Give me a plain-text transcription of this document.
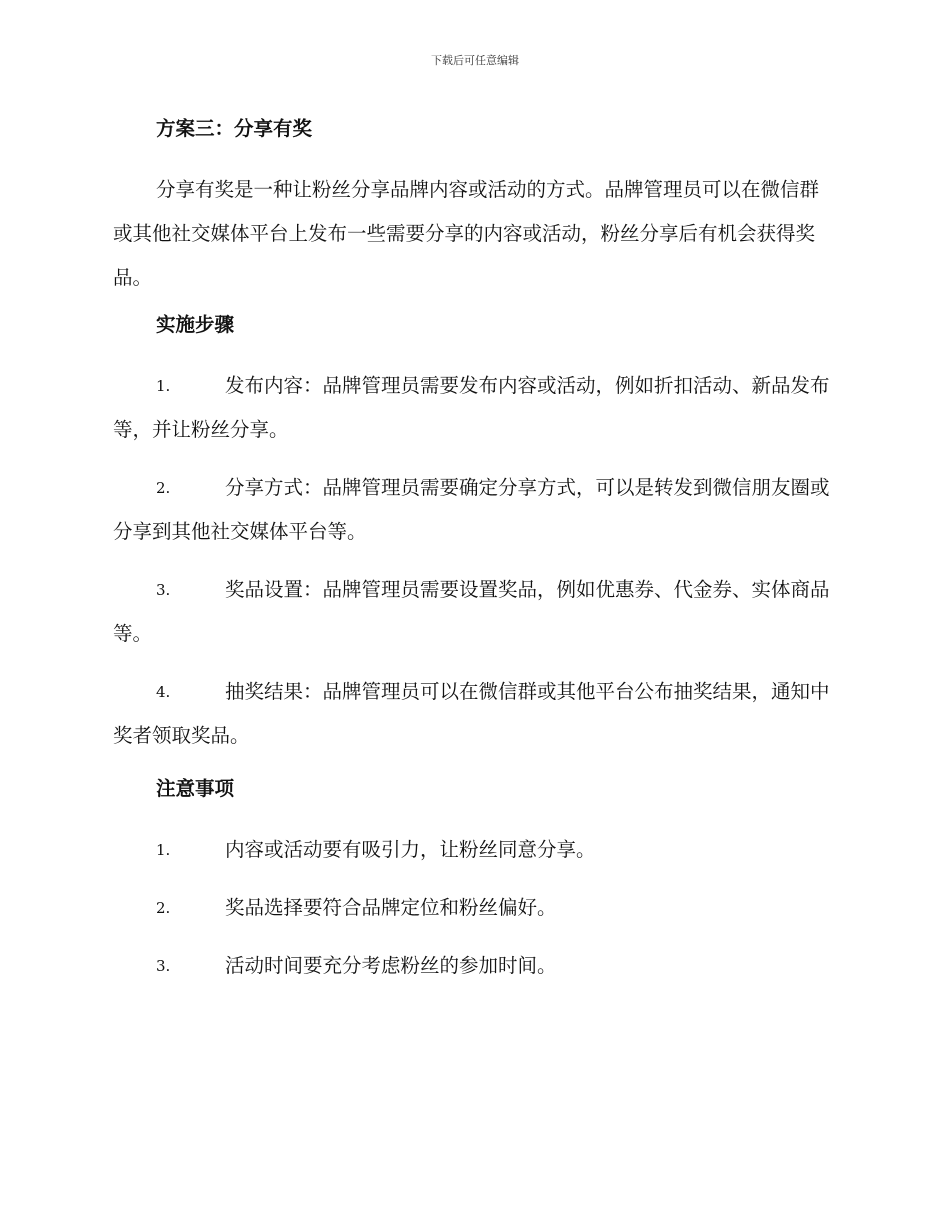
下载后可任意编辑

方案三：分享有奖

分享有奖是一种让粉丝分享品牌内容或活动的方式。品牌管理员可以在微信群或其他社交媒体平台上发布一些需要分享的内容或活动，粉丝分享后有机会获得奖品。

实施步骤

1.	发布内容：品牌管理员需要发布内容或活动，例如折扣活动、新品发布等，并让粉丝分享。

2.	分享方式：品牌管理员需要确定分享方式，可以是转发到微信朋友圈或分享到其他社交媒体平台等。

3.	奖品设置：品牌管理员需要设置奖品，例如优惠券、代金券、实体商品等。

4.	抽奖结果：品牌管理员可以在微信群或其他平台公布抽奖结果，通知中奖者领取奖品。

注意事项

1.	内容或活动要有吸引力，让粉丝同意分享。

2.	奖品选择要符合品牌定位和粉丝偏好。

3.	活动时间要充分考虑粉丝的参加时间。
